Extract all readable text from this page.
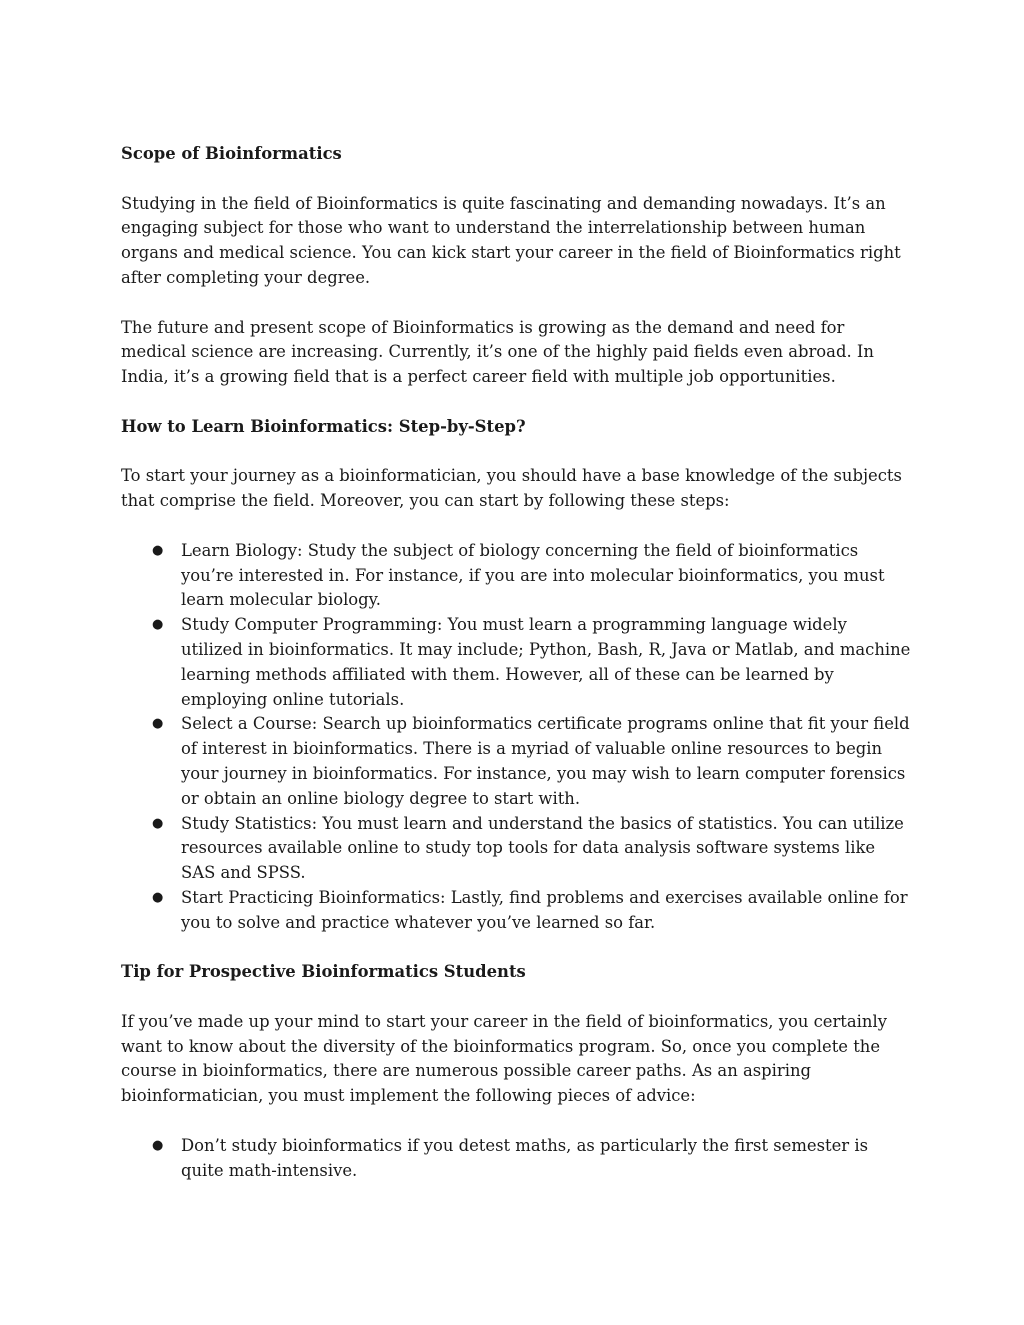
Scope of Bioinformatics

Studying in the field of Bioinformatics is quite fascinating and demanding nowadays. It’s an engaging subject for those who want to understand the interrelationship between human organs and medical science. You can kick start your career in the field of Bioinformatics right after completing your degree.

The future and present scope of Bioinformatics is growing as the demand and need for medical science are increasing. Currently, it’s one of the highly paid fields even abroad. In India, it’s a growing field that is a perfect career field with multiple job opportunities.

How to Learn Bioinformatics: Step-by-Step?

To start your journey as a bioinformatician, you should have a base knowledge of the subjects that comprise the field. Moreover, you can start by following these steps:

● Learn Biology: Study the subject of biology concerning the field of bioinformatics you’re interested in. For instance, if you are into molecular bioinformatics, you must learn molecular biology.
● Study Computer Programming: You must learn a programming language widely utilized in bioinformatics. It may include; Python, Bash, R, Java or Matlab, and machine learning methods affiliated with them. However, all of these can be learned by employing online tutorials.
● Select a Course: Search up bioinformatics certificate programs online that fit your field of interest in bioinformatics. There is a myriad of valuable online resources to begin your journey in bioinformatics. For instance, you may wish to learn computer forensics or obtain an online biology degree to start with.
● Study Statistics: You must learn and understand the basics of statistics. You can utilize resources available online to study top tools for data analysis software systems like SAS and SPSS.
● Start Practicing Bioinformatics: Lastly, find problems and exercises available online for you to solve and practice whatever you’ve learned so far.

Tip for Prospective Bioinformatics Students

If you’ve made up your mind to start your career in the field of bioinformatics, you certainly want to know about the diversity of the bioinformatics program. So, once you complete the course in bioinformatics, there are numerous possible career paths. As an aspiring bioinformatician, you must implement the following pieces of advice:

● Don’t study bioinformatics if you detest maths, as particularly the first semester is quite math-intensive.
